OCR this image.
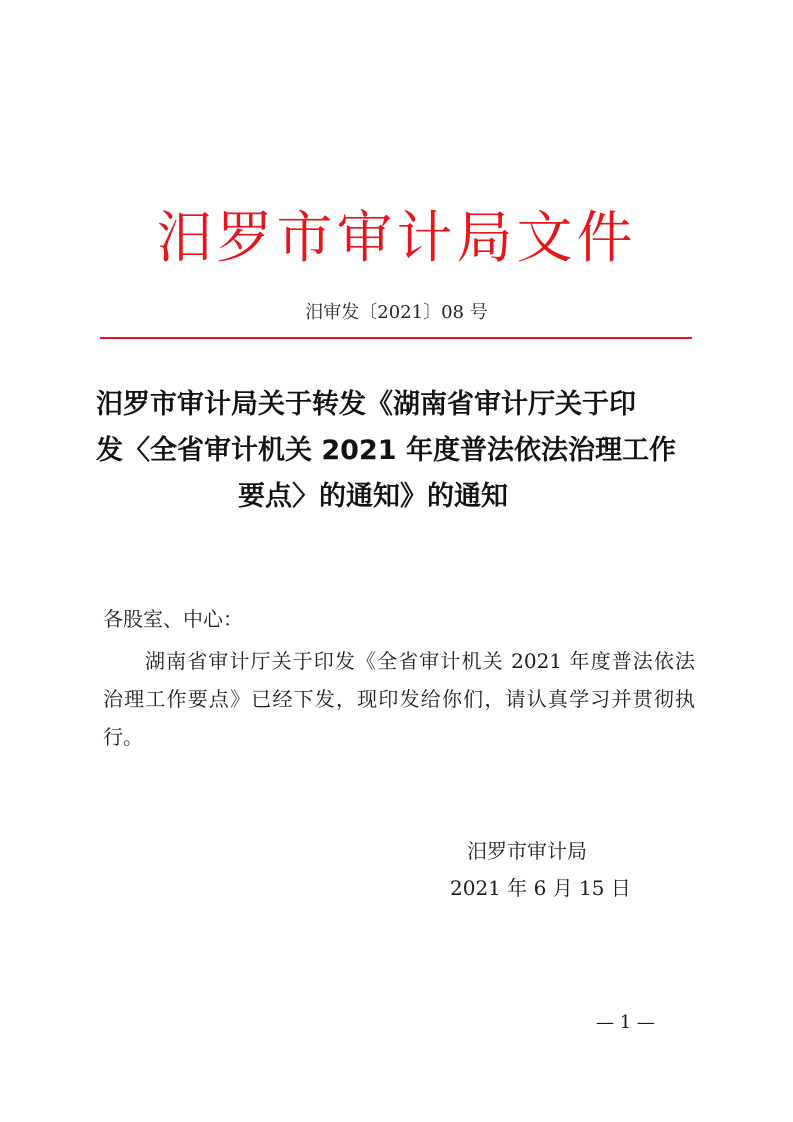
汨罗市审计局文件
汨审发〔2021〕08 号
汨罗市审计局关于转发《湖南省审计厅关于印
发〈全省审计机关 2021 年度普法依法治理工作
要点〉的通知》的通知
各股室、中心：
湖南省审计厅关于印发《全省审计机关 2021 年度普法依法
治理工作要点》已经下发，现印发给你们，请认真学习并贯彻执
行。
汨罗市审计局
2021 年 6 月 15 日
— 1 —
